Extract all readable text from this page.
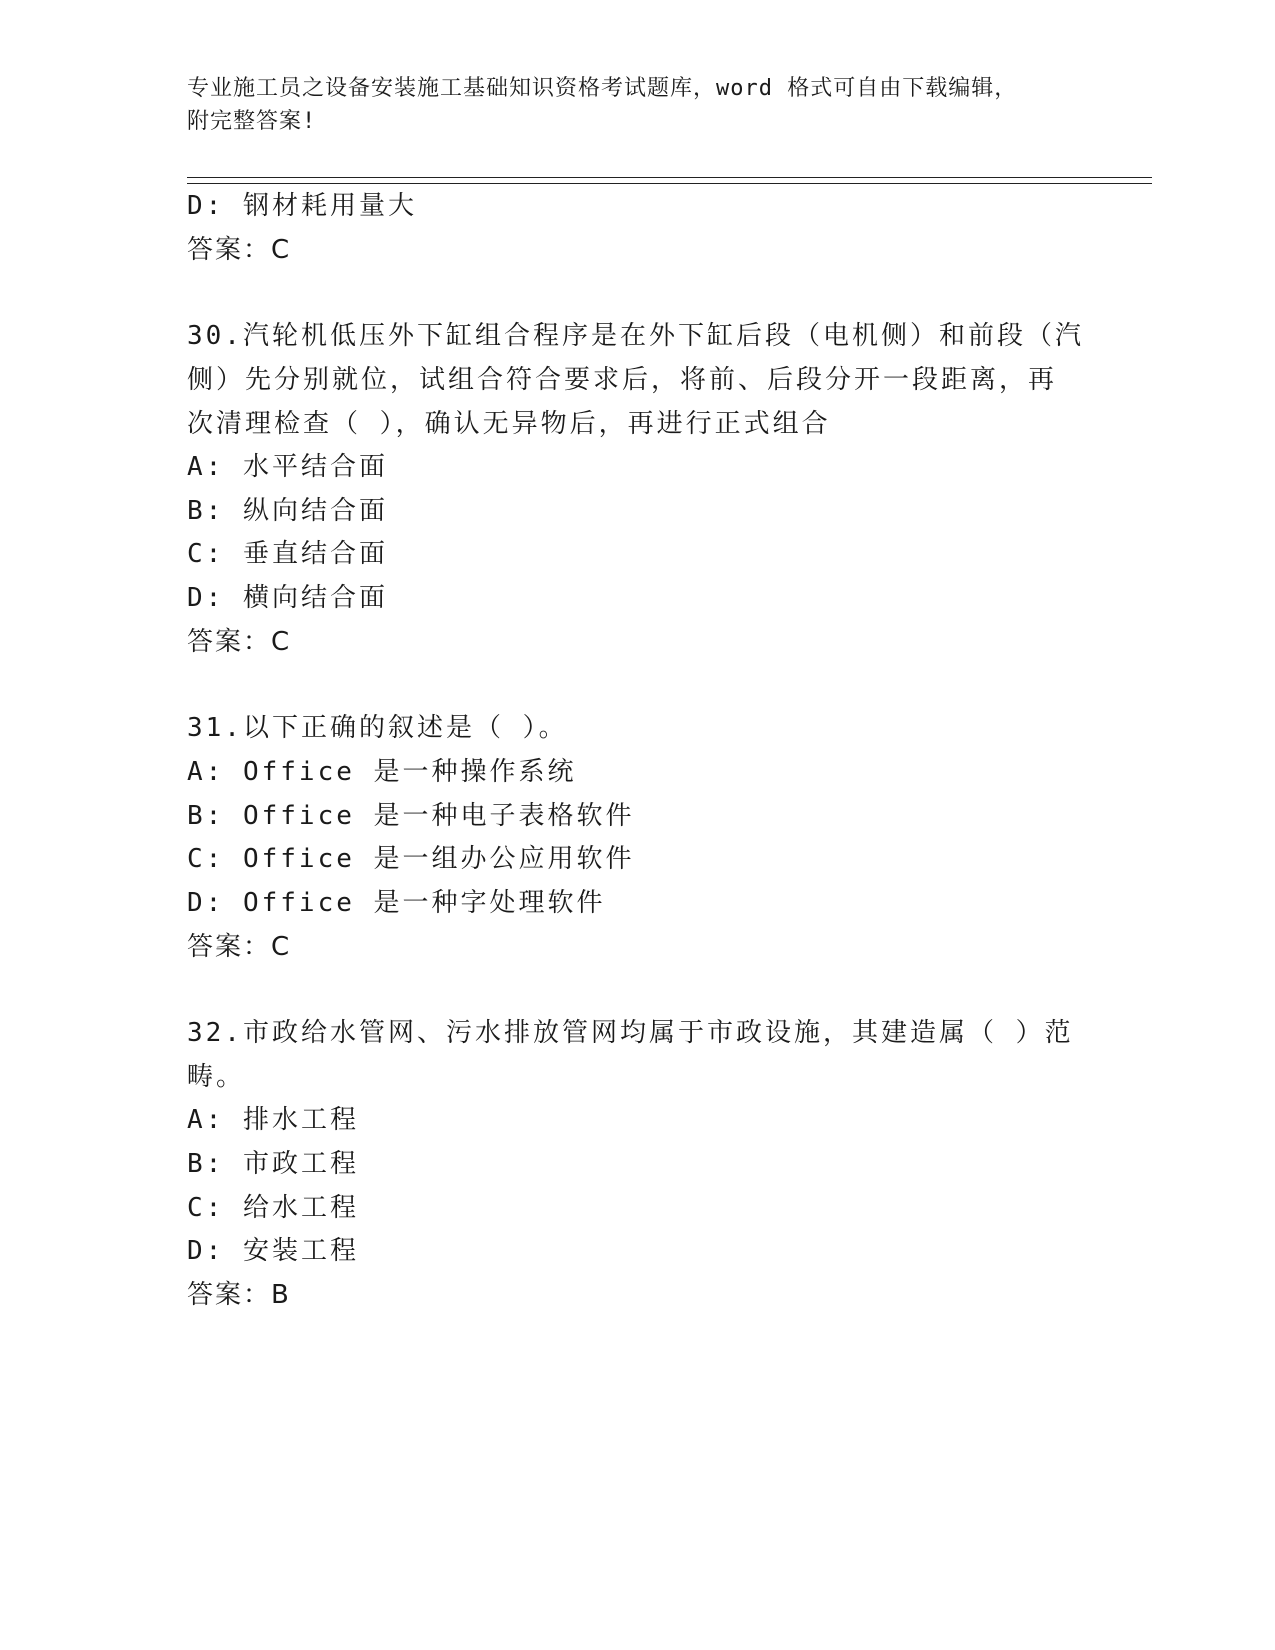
专业施工员之设备安装施工基础知识资格考试题库，word 格式可自由下载编辑，
附完整答案!
D: 钢材耗用量大
答案：C
30.汽轮机低压外下缸组合程序是在外下缸后段（电机侧）和前段（汽
侧）先分别就位，试组合符合要求后，将前、后段分开一段距离，再
次清理检查（ ），确认无异物后，再进行正式组合
A: 水平结合面
B: 纵向结合面
C: 垂直结合面
D: 横向结合面
答案：C
31.以下正确的叙述是（ ）。
A: Office 是一种操作系统
B: Office 是一种电子表格软件
C: Office 是一组办公应用软件
D: Office 是一种字处理软件
答案：C
32.市政给水管网、污水排放管网均属于市政设施，其建造属（ ）范
畴。
A: 排水工程
B: 市政工程
C: 给水工程
D: 安装工程
答案：B
